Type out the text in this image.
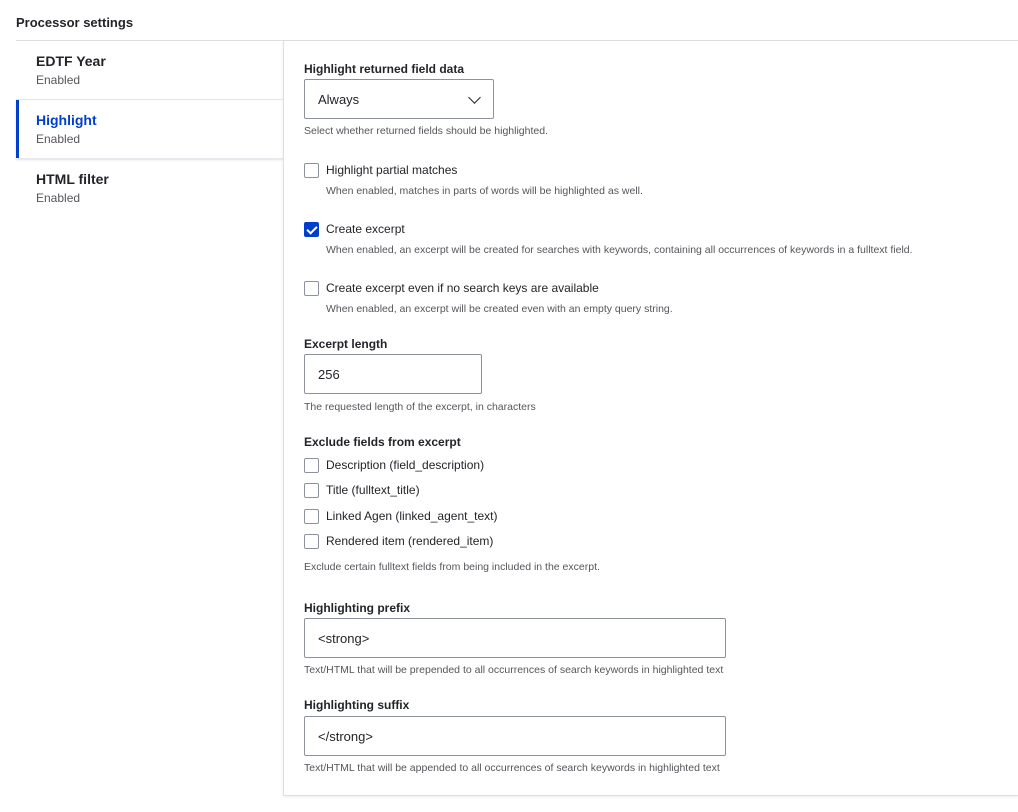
Processor settings
EDTF Year
Enabled
Highlight
Enabled
HTML filter
Enabled
Highlight returned field data
Always
Select whether returned fields should be highlighted.
Highlight partial matches
When enabled, matches in parts of words will be highlighted as well.
Create excerpt
When enabled, an excerpt will be created for searches with keywords, containing all occurrences of keywords in a fulltext field.
Create excerpt even if no search keys are available
When enabled, an excerpt will be created even with an empty query string.
Excerpt length
256
The requested length of the excerpt, in characters
Exclude fields from excerpt
Description (field_description)
Title (fulltext_title)
Linked Agen (linked_agent_text)
Rendered item (rendered_item)
Exclude certain fulltext fields from being included in the excerpt.
Highlighting prefix
<strong>
Text/HTML that will be prepended to all occurrences of search keywords in highlighted text
Highlighting suffix
</strong>
Text/HTML that will be appended to all occurrences of search keywords in highlighted text
